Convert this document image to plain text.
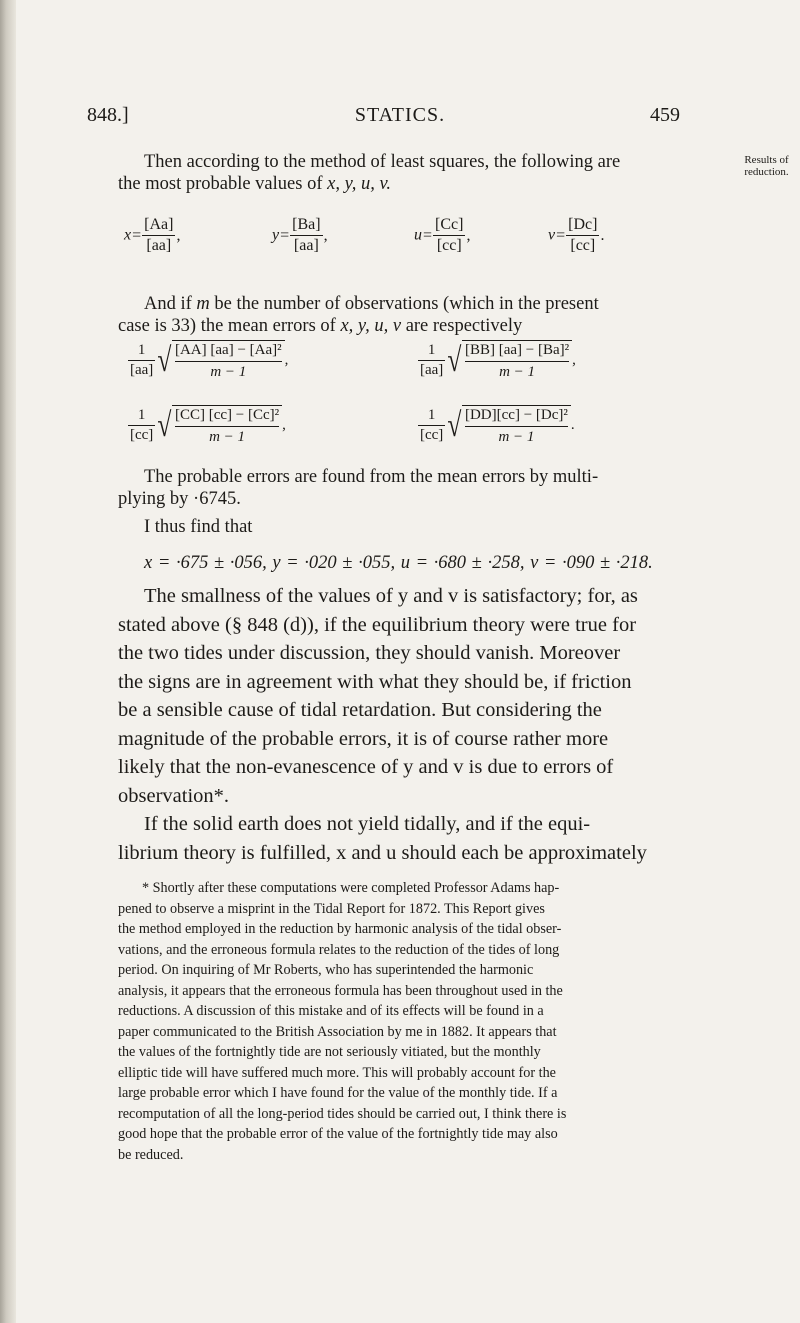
848.]	STATICS.	459
Results of
reduction.
Then according to the method of least squares, the following are
the most probable values of x, y, u, v.
$x= \frac{[Aa]}{[aa]}$ ,	$y= \frac{[Ba]}{[aa]}$ ,	$u= \frac{[Cc]}{[cc]}$ ,	$v= \frac{[Dc]}{[cc]}$ .
And if m be the number of observations (which in the present
case is 33) the mean errors of x, y, u, v are respectively
$\frac{1}{[aa]}$ √ $\frac{\text{[AA] [aa] − [Aa]²}}{m - 1}$ ,	$\frac{1}{[aa]}$ √ $\frac{\text{[BB] [aa] − [Ba]²}}{m - 1}$ ,
$\frac{1}{[cc]}$ √ $\frac{\text{[CC] [cc] − [Cc]²}}{m - 1}$ ,	$\frac{1}{[cc]}$ √ $\frac{\text{[DD][cc] − [Dc]²}}{m - 1}$ .
The probable errors are found from the mean errors by multi-
plying by ·6745.
I thus find that
x = ·675 ± ·056, y = ·020 ± ·055, u = ·680 ± ·258, v = ·090 ± ·218.
The smallness of the values of y and v is satisfactory; for, as
stated above (§ 848 (d)), if the equilibrium theory were true for
the two tides under discussion, they should vanish. Moreover
the signs are in agreement with what they should be, if friction
be a sensible cause of tidal retardation. But considering the
magnitude of the probable errors, it is of course rather more
likely that the non-evanescence of y and v is due to errors of
observation*.
If the solid earth does not yield tidally, and if the equi-
librium theory is fulfilled, x and u should each be approximately
* Shortly after these computations were completed Professor Adams hap-
pened to observe a misprint in the Tidal Report for 1872. This Report gives
the method employed in the reduction by harmonic analysis of the tidal obser-
vations, and the erroneous formula relates to the reduction of the tides of long
period. On inquiring of Mr Roberts, who has superintended the harmonic
analysis, it appears that the erroneous formula has been throughout used in the
reductions. A discussion of this mistake and of its effects will be found in a
paper communicated to the British Association by me in 1882. It appears that
the values of the fortnightly tide are not seriously vitiated, but the monthly
elliptic tide will have suffered much more. This will probably account for the
large probable error which I have found for the value of the monthly tide. If a
recomputation of all the long-period tides should be carried out, I think there is
good hope that the probable error of the value of the fortnightly tide may also
be reduced.
